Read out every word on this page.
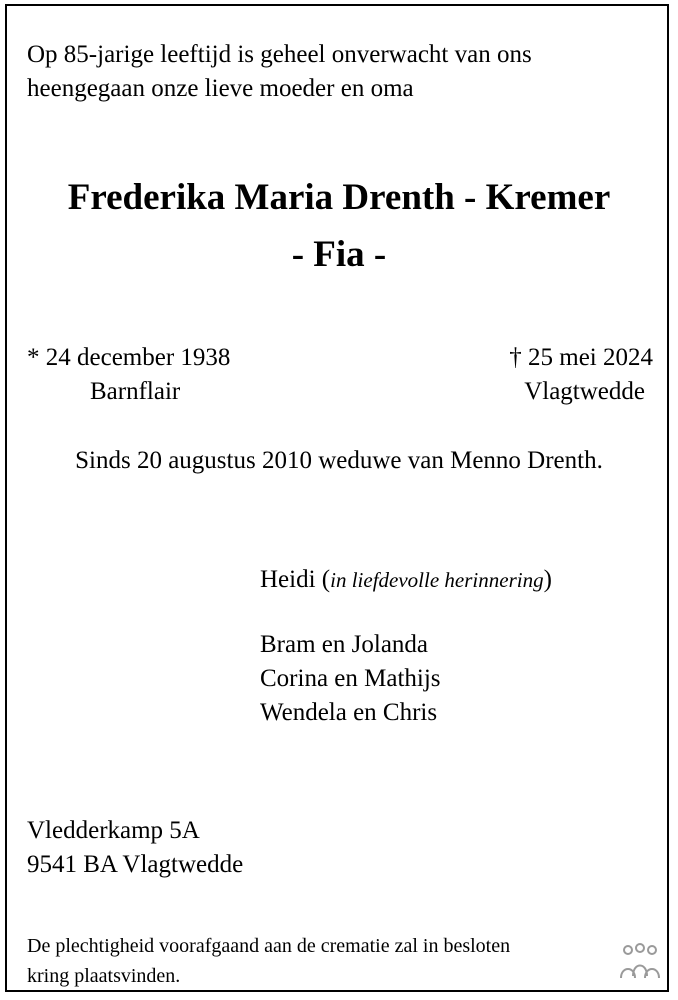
Op 85-jarige leeftijd is geheel onverwacht van ons
heengegaan onze lieve moeder en oma
Frederika Maria Drenth - Kremer
- Fia -
* 24 december 1938
Barnflair
† 25 mei 2024
Vlagtwedde
Sinds 20 augustus 2010 weduwe van Menno Drenth.
Heidi (in liefdevolle herinnering)
Bram en Jolanda
Corina en Mathijs
Wendela en Chris
Vledderkamp 5A
9541 BA Vlagtwedde
De plechtigheid voorafgaand aan de crematie zal in besloten
kring plaatsvinden.
